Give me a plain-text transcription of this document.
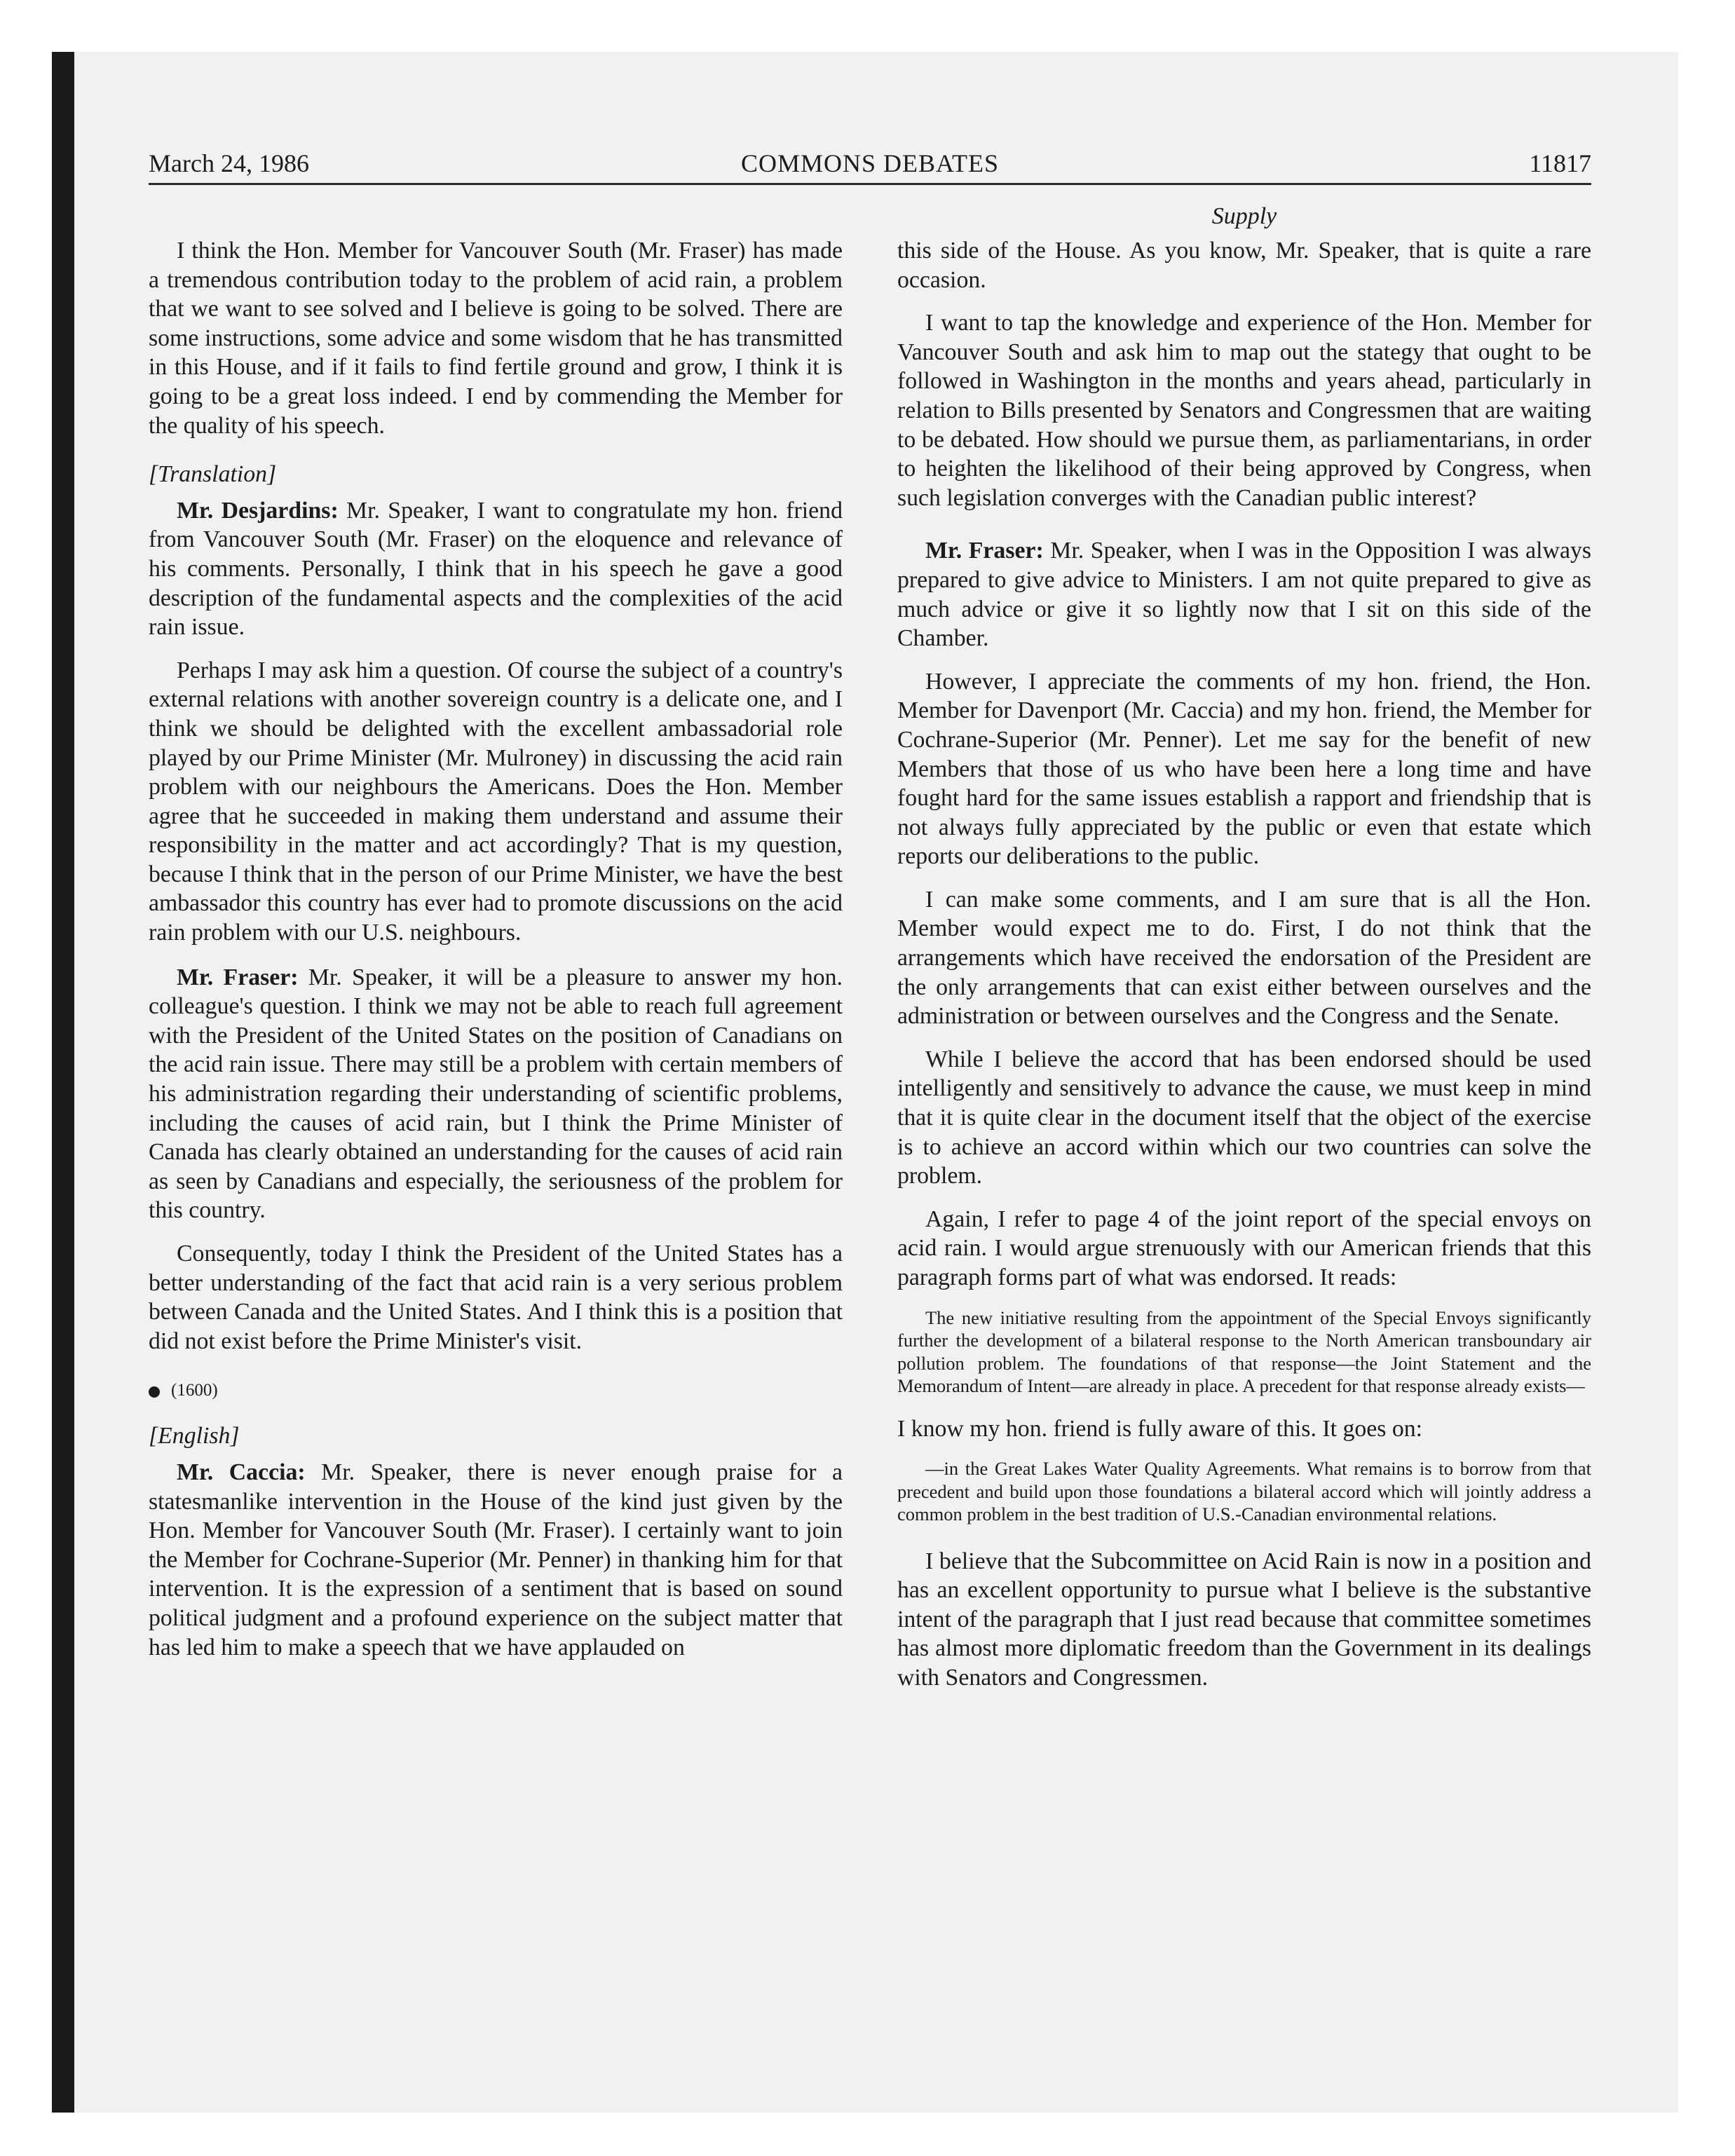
March 24, 1986	COMMONS DEBATES	11817
Supply

I think the Hon. Member for Vancouver South (Mr. Fraser) has made a tremendous contribution today to the problem of acid rain, a problem that we want to see solved and I believe is going to be solved. There are some instructions, some advice and some wisdom that he has transmitted in this House, and if it fails to find fertile ground and grow, I think it is going to be a great loss indeed. I end by commending the Member for the quality of his speech.

[Translation]

Mr. Desjardins: Mr. Speaker, I want to congratulate my hon. friend from Vancouver South (Mr. Fraser) on the eloquence and relevance of his comments. Personally, I think that in his speech he gave a good description of the fundamental aspects and the complexities of the acid rain issue.

Perhaps I may ask him a question. Of course the subject of a country's external relations with another sovereign country is a delicate one, and I think we should be delighted with the excellent ambassadorial role played by our Prime Minister (Mr. Mulroney) in discussing the acid rain problem with our neighbours the Americans. Does the Hon. Member agree that he succeeded in making them understand and assume their responsibility in the matter and act accordingly? That is my question, because I think that in the person of our Prime Minister, we have the best ambassador this country has ever had to promote discussions on the acid rain problem with our U.S. neighbours.

Mr. Fraser: Mr. Speaker, it will be a pleasure to answer my hon. colleague's question. I think we may not be able to reach full agreement with the President of the United States on the position of Canadians on the acid rain issue. There may still be a problem with certain members of his administration regarding their understanding of scientific problems, including the causes of acid rain, but I think the Prime Minister of Canada has clearly obtained an understanding for the causes of acid rain as seen by Canadians and especially, the seriousness of the problem for this country.

Consequently, today I think the President of the United States has a better understanding of the fact that acid rain is a very serious problem between Canada and the United States. And I think this is a position that did not exist before the Prime Minister's visit.

(1600)

[English]

Mr. Caccia: Mr. Speaker, there is never enough praise for a statesmanlike intervention in the House of the kind just given by the Hon. Member for Vancouver South (Mr. Fraser). I certainly want to join the Member for Cochrane-Superior (Mr. Penner) in thanking him for that intervention. It is the expression of a sentiment that is based on sound political judgment and a profound experience on the subject matter that has led him to make a speech that we have applauded on

this side of the House. As you know, Mr. Speaker, that is quite a rare occasion.

I want to tap the knowledge and experience of the Hon. Member for Vancouver South and ask him to map out the stategy that ought to be followed in Washington in the months and years ahead, particularly in relation to Bills presented by Senators and Congressmen that are waiting to be debated. How should we pursue them, as parliamentarians, in order to heighten the likelihood of their being approved by Congress, when such legislation converges with the Canadian public interest?

Mr. Fraser: Mr. Speaker, when I was in the Opposition I was always prepared to give advice to Ministers. I am not quite prepared to give as much advice or give it so lightly now that I sit on this side of the Chamber.

However, I appreciate the comments of my hon. friend, the Hon. Member for Davenport (Mr. Caccia) and my hon. friend, the Member for Cochrane-Superior (Mr. Penner). Let me say for the benefit of new Members that those of us who have been here a long time and have fought hard for the same issues establish a rapport and friendship that is not always fully appreciated by the public or even that estate which reports our deliberations to the public.

I can make some comments, and I am sure that is all the Hon. Member would expect me to do. First, I do not think that the arrangements which have received the endorsation of the President are the only arrangements that can exist either between ourselves and the administration or between ourselves and the Congress and the Senate.

While I believe the accord that has been endorsed should be used intelligently and sensitively to advance the cause, we must keep in mind that it is quite clear in the document itself that the object of the exercise is to achieve an accord within which our two countries can solve the problem.

Again, I refer to page 4 of the joint report of the special envoys on acid rain. I would argue strenuously with our American friends that this paragraph forms part of what was endorsed. It reads:

The new initiative resulting from the appointment of the Special Envoys significantly further the development of a bilateral response to the North American transboundary air pollution problem. The foundations of that response—the Joint Statement and the Memorandum of Intent—are already in place. A precedent for that response already exists—

I know my hon. friend is fully aware of this. It goes on:

—in the Great Lakes Water Quality Agreements. What remains is to borrow from that precedent and build upon those foundations a bilateral accord which will jointly address a common problem in the best tradition of U.S.-Canadian environmental relations.

I believe that the Subcommittee on Acid Rain is now in a position and has an excellent opportunity to pursue what I believe is the substantive intent of the paragraph that I just read because that committee sometimes has almost more diplomatic freedom than the Government in its dealings with Senators and Congressmen.
